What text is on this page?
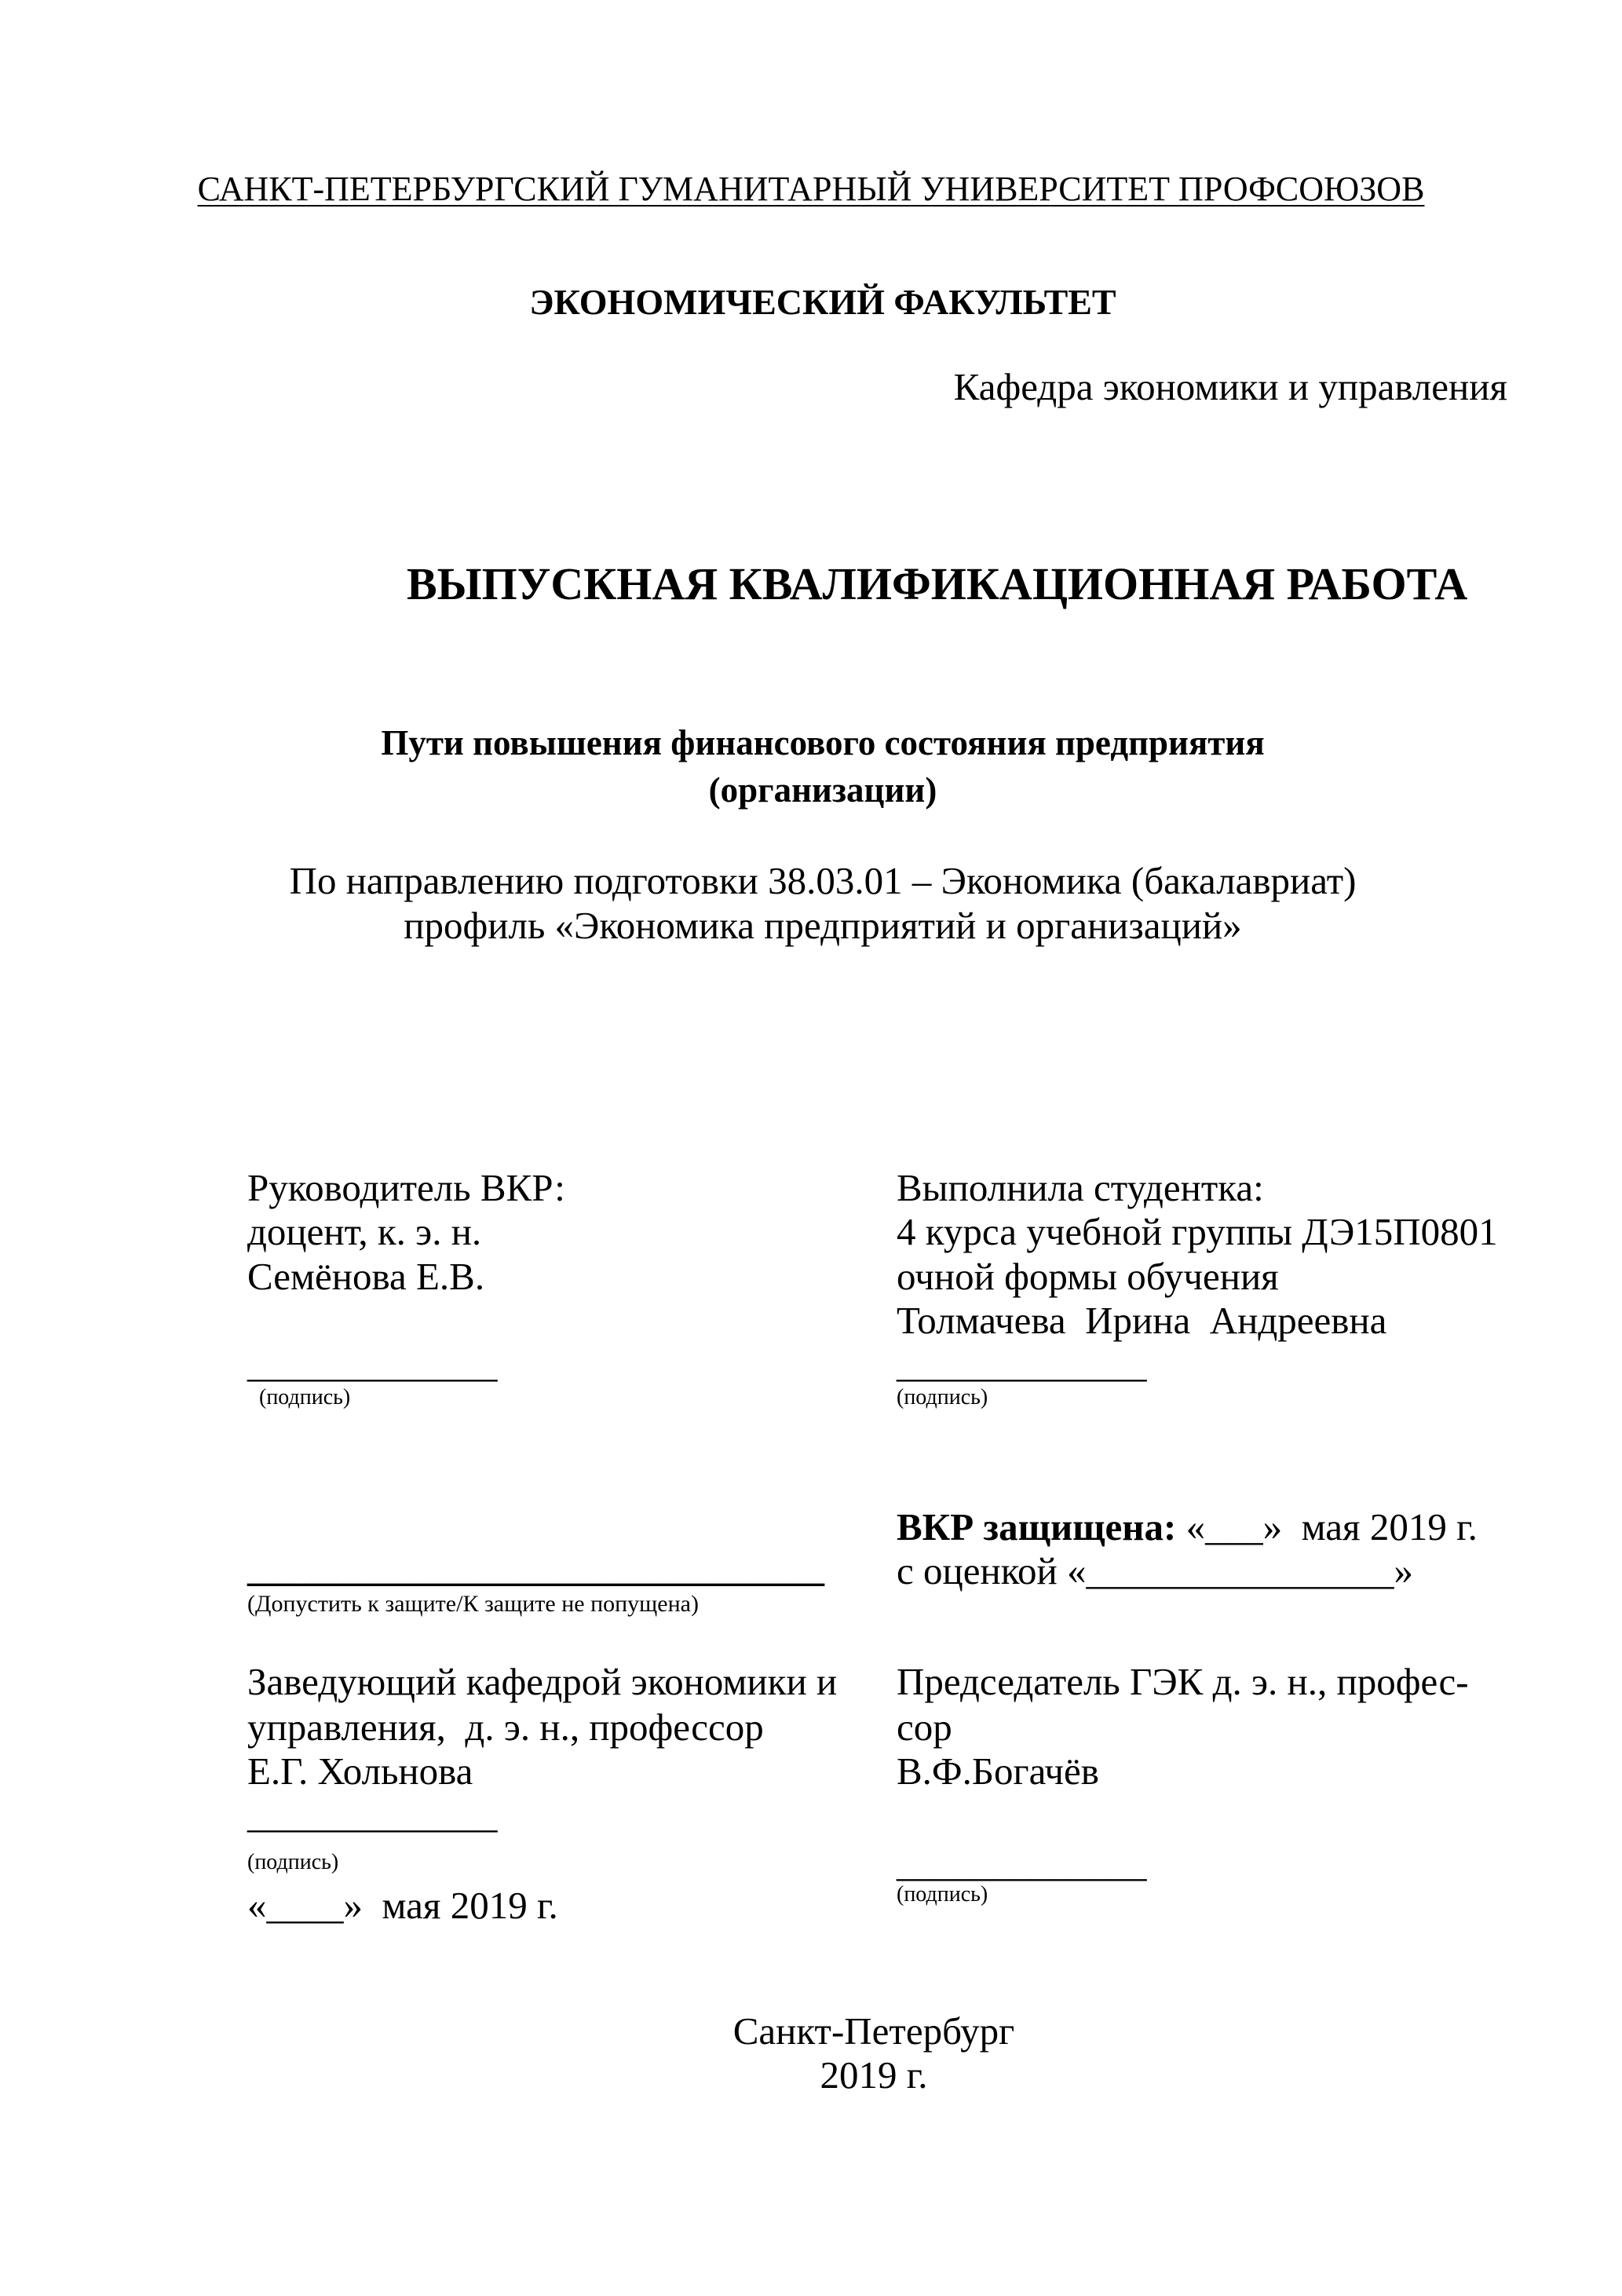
САНКТ-ПЕТЕРБУРГСКИЙ ГУМАНИТАРНЫЙ УНИВЕРСИТЕТ ПРОФСОЮЗОВ
ЭКОНОМИЧЕСКИЙ ФАКУЛЬТЕТ
Кафедра экономики и управления
ВЫПУСКНАЯ КВАЛИФИКАЦИОННАЯ РАБОТА
Пути повышения финансового состояния предприятия
(организации)
По направлению подготовки 38.03.01 – Экономика (бакалавриат)
профиль «Экономика предприятий и организаций»
Руководитель ВКР:
доцент, к. э. н.
Семёнова Е.В.
_____________
(подпись)
______________________________
(Допустить к защите/К защите не попущена)
Заведующий кафедрой экономики и
управления,  д. э. н., профессор
Е.Г. Хольнова
_____________
(подпись)
«____»  мая 2019 г.
Выполнила студентка:
4 курса учебной группы ДЭ15П0801
очной формы обучения
Толмачева  Ирина  Андреевна
_____________
(подпись)
ВКР защищена: «___»  мая 2019 г.
с оценкой «________________»
Председатель ГЭК д. э. н., профес-
сор
В.Ф.Богачёв
_____________
(подпись)
Санкт-Петербург
2019 г.
